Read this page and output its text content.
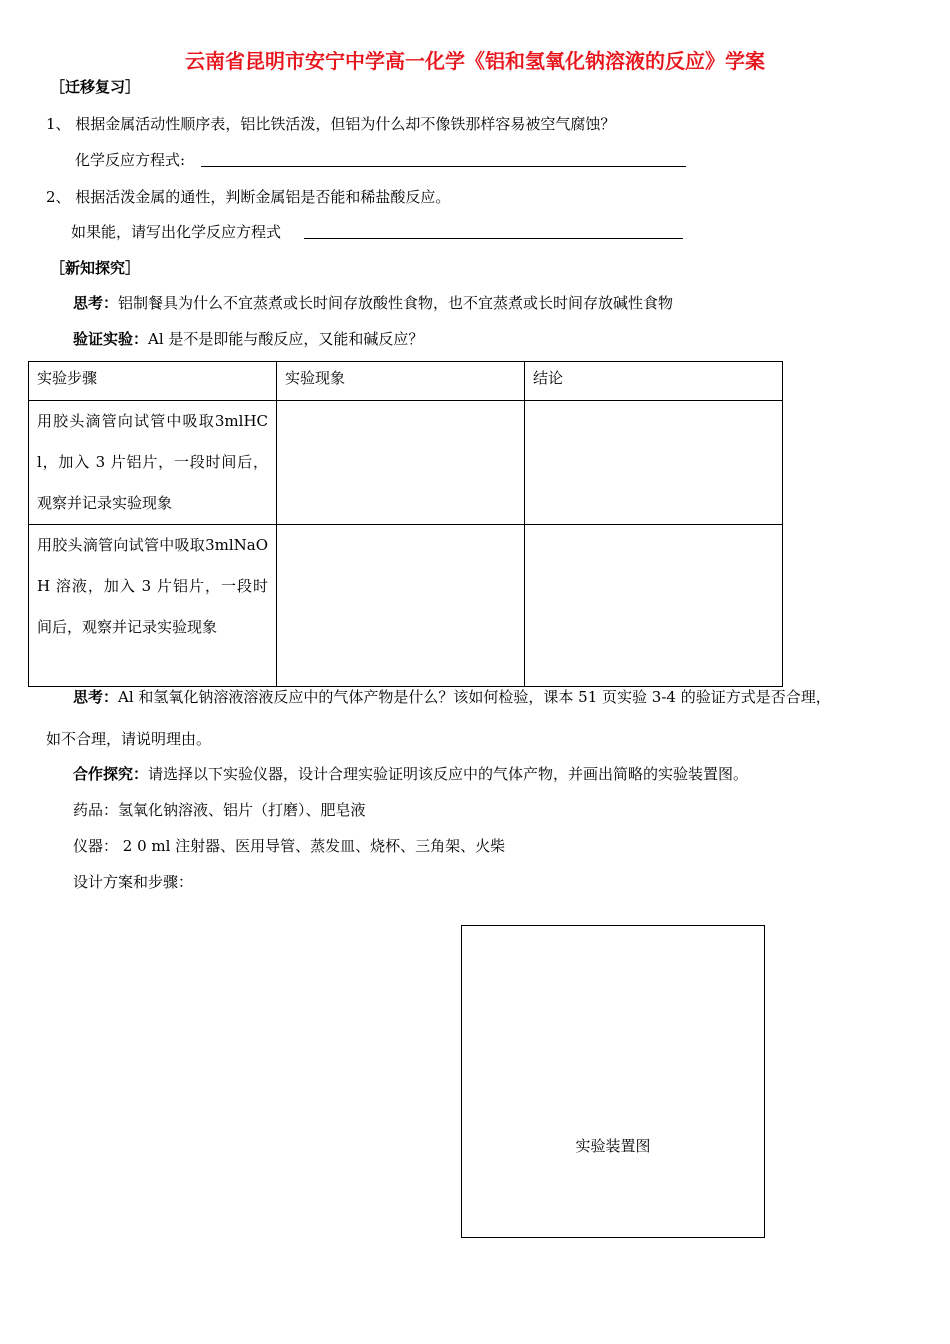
云南省昆明市安宁中学高一化学《铝和氢氧化钠溶液的反应》学案
［迁移复习］
1、 根据金属活动性顺序表，铝比铁活泼，但铝为什么却不像铁那样容易被空气腐蚀？
化学反应方程式:
2、 根据活泼金属的通性，判断金属铝是否能和稀盐酸反应。
如果能，请写出化学反应方程式
［新知探究］
思考：铝制餐具为什么不宜蒸煮或长时间存放酸性食物，也不宜蒸煮或长时间存放碱性食物
验证实验：Al 是不是即能与酸反应，又能和碱反应？
实验步骤	实验现象	结论

用胶头滴管向试管中吸取3mlHCl，加入 3 片铝片，一段时间后，观察并记录实验现象		

用胶头滴管向试管中吸取3mlNaOH 溶液，加入 3 片铝片，一段时间后，观察并记录实验现象		

思考：Al 和氢氧化钠溶液溶液反应中的气体产物是什么？该如何检验，课本 51 页实验 3-4 的验证方式是否合理，
如不合理，请说明理由。
合作探究：请选择以下实验仪器，设计合理实验证明该反应中的气体产物，并画出简略的实验装置图。
药品：氢氧化钠溶液、铝片（打磨）、肥皂液
仪器： 2 0 ml 注射器、医用导管、蒸发皿、烧杯、三角架、火柴
设计方案和步骤：
实验装置图
